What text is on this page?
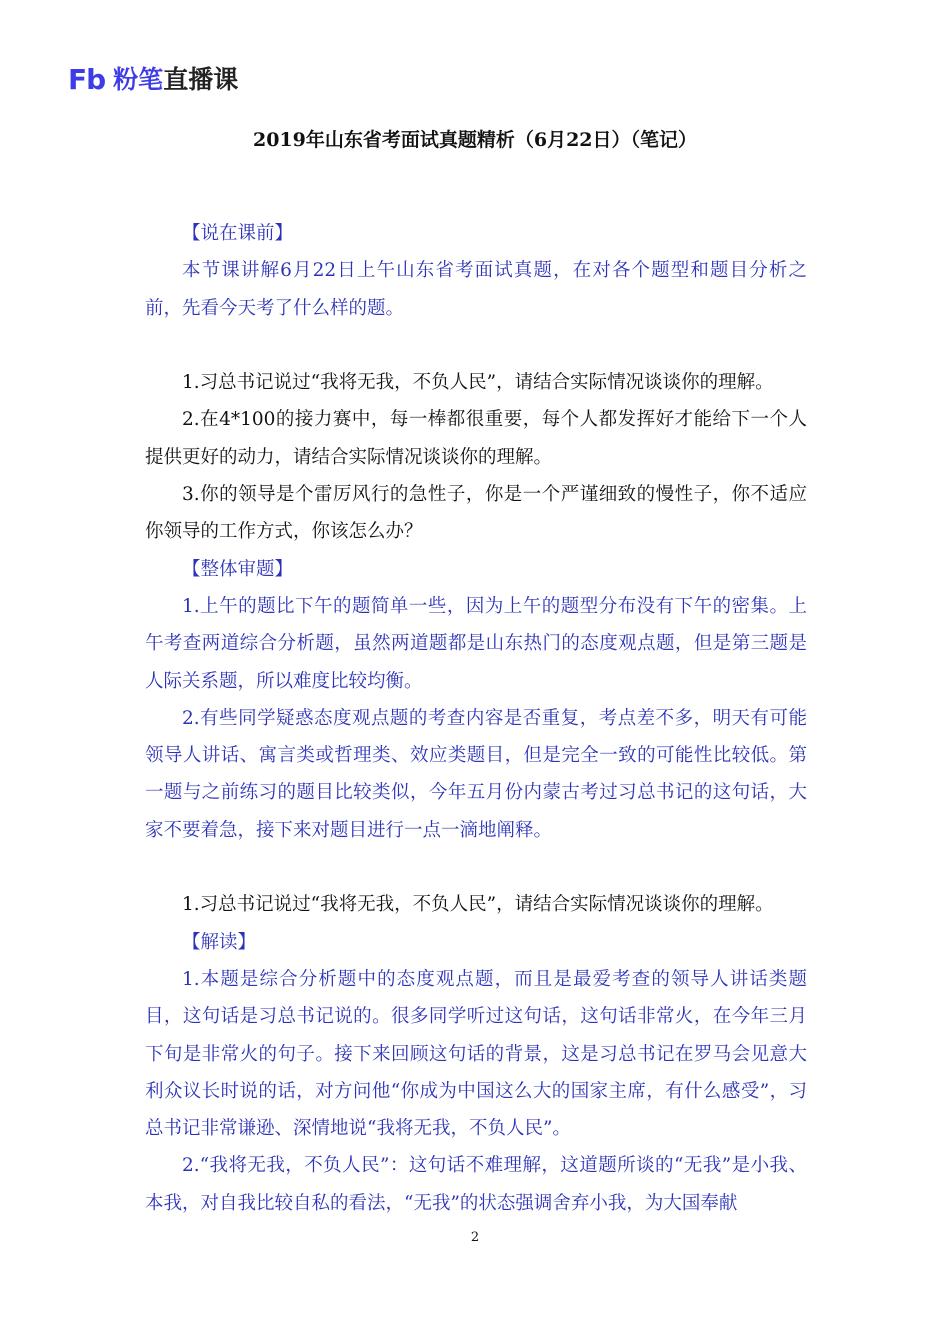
Fb 粉笔 直播课
2019年山东省考面试真题精析（6月22日）（笔记）

【说在课前】

本节课讲解6月22日上午山东省考面试真题，在对各个题型和题目分析之前，先看今天考了什么样的题。

1.习总书记说过“我将无我，不负人民”，请结合实际情况谈谈你的理解。

2.在4*100的接力赛中，每一棒都很重要，每个人都发挥好才能给下一个人提供更好的动力，请结合实际情况谈谈你的理解。

3.你的领导是个雷厉风行的急性子，你是一个严谨细致的慢性子，你不适应你领导的工作方式，你该怎么办？

【整体审题】

1.上午的题比下午的题简单一些，因为上午的题型分布没有下午的密集。上午考查两道综合分析题，虽然两道题都是山东热门的态度观点题，但是第三题是人际关系题，所以难度比较均衡。

2.有些同学疑惑态度观点题的考查内容是否重复，考点差不多，明天有可能领导人讲话、寓言类或哲理类、效应类题目，但是完全一致的可能性比较低。第一题与之前练习的题目比较类似，今年五月份内蒙古考过习总书记的这句话，大家不要着急，接下来对题目进行一点一滴地阐释。

1.习总书记说过“我将无我，不负人民”，请结合实际情况谈谈你的理解。

【解读】

1.本题是综合分析题中的态度观点题，而且是最爱考查的领导人讲话类题目，这句话是习总书记说的。很多同学听过这句话，这句话非常火，在今年三月下旬是非常火的句子。接下来回顾这句话的背景，这是习总书记在罗马会见意大利众议长时说的话，对方问他“你成为中国这么大的国家主席，有什么感受”，习总书记非常谦逊、深情地说“我将无我，不负人民”。

2.“我将无我，不负人民”：这句话不难理解，这道题所谈的“无我”是小我、本我，对自我比较自私的看法，“无我”的状态强调舍弃小我，为大国奉献

2
